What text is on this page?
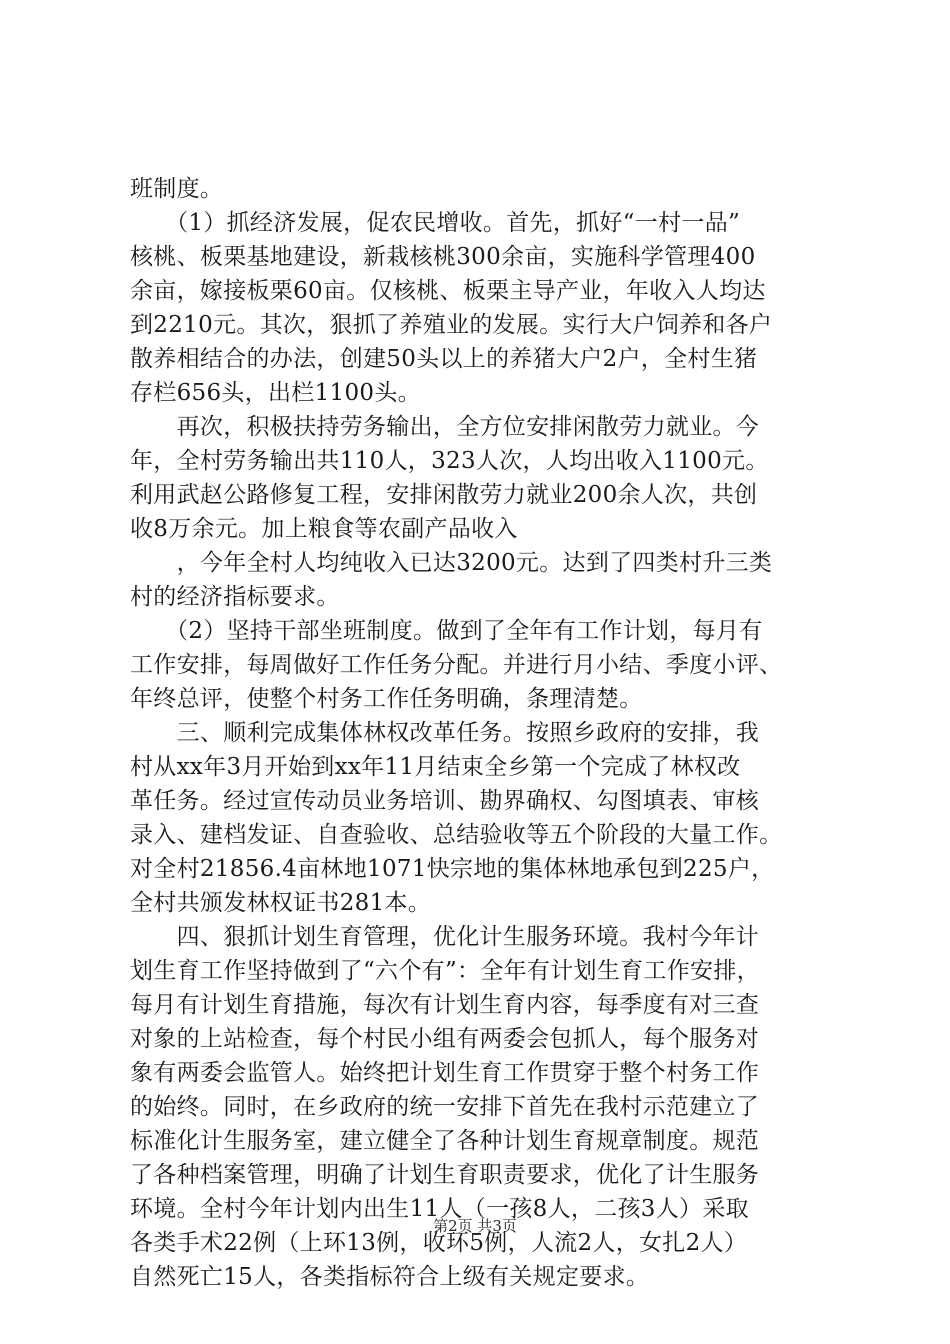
班制度。
　　（1）抓经济发展，促农民增收。首先，抓好“一村一品”
核桃、板栗基地建设，新栽核桃300余亩，实施科学管理400
余亩，嫁接板栗60亩。仅核桃、板栗主导产业，年收入人均达
到2210元。其次，狠抓了养殖业的发展。实行大户饲养和各户
散养相结合的办法，创建50头以上的养猪大户2户，全村生猪
存栏656头，出栏1100头。
　　再次，积极扶持劳务输出，全方位安排闲散劳力就业。今
年，全村劳务输出共110人，323人次，人均出收入1100元。
利用武赵公路修复工程，安排闲散劳力就业200余人次，共创
收8万余元。加上粮食等农副产品收入
　　，今年全村人均纯收入已达3200元。达到了四类村升三类
村的经济指标要求。
　　（2）坚持干部坐班制度。做到了全年有工作计划，每月有
工作安排，每周做好工作任务分配。并进行月小结、季度小评、
年终总评，使整个村务工作任务明确，条理清楚。
　　三、顺利完成集体林权改革任务。按照乡政府的安排，我
村从xx年3月开始到xx年11月结束全乡第一个完成了林权改
革任务。经过宣传动员业务培训、勘界确权、勾图填表、审核
录入、建档发证、自查验收、总结验收等五个阶段的大量工作。
对全村21856.4亩林地1071快宗地的集体林地承包到225户，
全村共颁发林权证书281本。
　　四、狠抓计划生育管理，优化计生服务环境。我村今年计
划生育工作坚持做到了“六个有”：全年有计划生育工作安排，
每月有计划生育措施，每次有计划生育内容，每季度有对三查
对象的上站检查，每个村民小组有两委会包抓人，每个服务对
象有两委会监管人。始终把计划生育工作贯穿于整个村务工作
的始终。同时，在乡政府的统一安排下首先在我村示范建立了
标准化计生服务室，建立健全了各种计划生育规章制度。规范
了各种档案管理，明确了计划生育职责要求，优化了计生服务
环境。全村今年计划内出生11人（一孩8人，二孩3人）采取
各类手术22例（上环13例，收环5例，人流2人，女扎2人）
自然死亡15人，各类指标符合上级有关规定要求。
第2页 共3页
